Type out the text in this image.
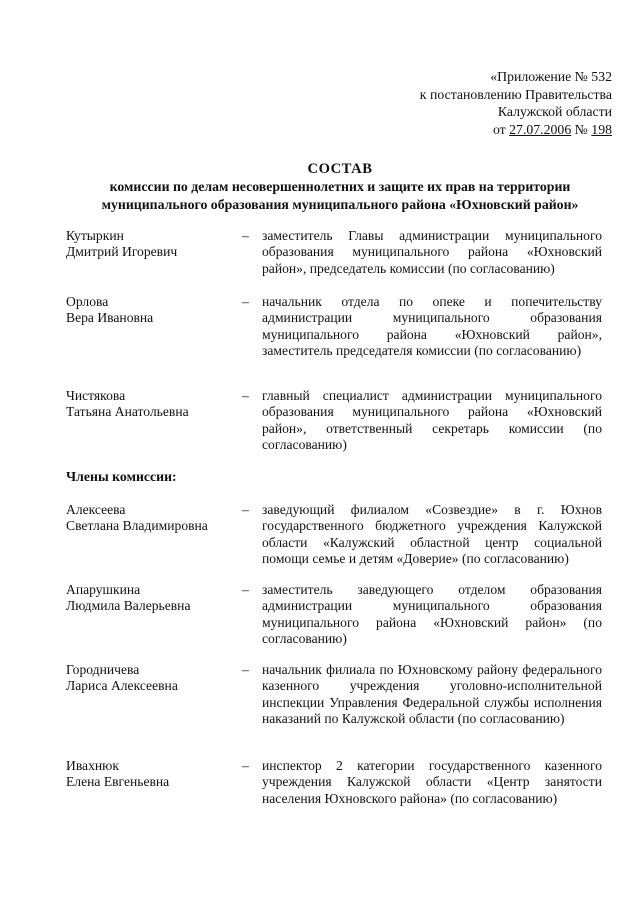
«Приложение № 532
к постановлению Правительства
Калужской области
от 27.07.2006 № 198
СОСТАВ
комиссии по делам несовершеннолетних и защите их прав на территории
муниципального образования муниципального района «Юхновский район»
Кутыркин
Дмитрий Игоревич
– заместитель Главы администрации муниципального образования муниципального района «Юхновский район», председатель комиссии (по согласованию)
Орлова
Вера Ивановна
– начальник отдела по опеке и попечительству администрации муниципального образования муниципального района «Юхновский район», заместитель председателя комиссии (по согласованию)
Чистякова
Татьяна Анатольевна
– главный специалист администрации муниципального образования муниципального района «Юхновский район», ответственный секретарь комиссии (по согласованию)
Члены комиссии:
Алексеева
Светлана Владимировна
– заведующий филиалом «Созвездие» в г. Юхнов государственного бюджетного учреждения Калужской области «Калужский областной центр социальной помощи семье и детям «Доверие» (по согласованию)
Апарушкина
Людмила Валерьевна
– заместитель заведующего отделом образования администрации муниципального образования муниципального района «Юхновский район» (по согласованию)
Городничева
Лариса Алексеевна
– начальник филиала по Юхновскому району федерального казенного учреждения уголовно-исполнительной инспекции Управления Федеральной службы исполнения наказаний по Калужской области (по согласованию)
Ивахнюк
Елена Евгеньевна
– инспектор 2 категории государственного казенного учреждения Калужской области «Центр занятости населения Юхновского района» (по согласованию)
